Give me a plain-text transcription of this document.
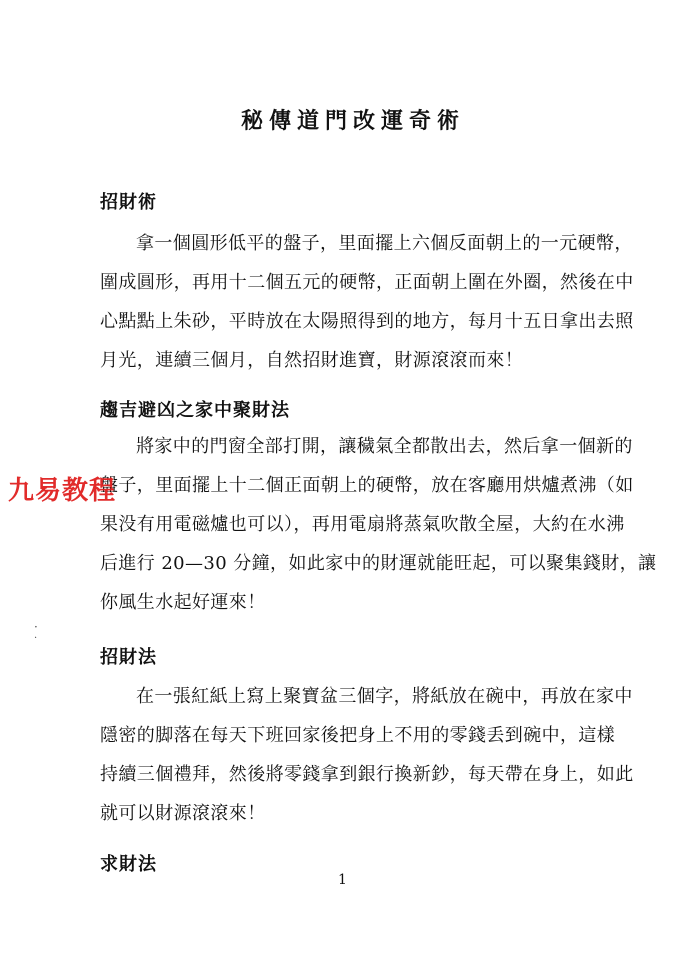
秘傳道門改運奇術
招財術
拿一個圓形低平的盤子，里面擺上六個反面朝上的一元硬幣，
圍成圓形，再用十二個五元的硬幣，正面朝上圍在外圈，然後在中
心點點上朱砂，平時放在太陽照得到的地方，每月十五日拿出去照
月光，連續三個月，自然招財進寶，財源滾滾而來！
趨吉避凶之家中聚財法
將家中的門窗全部打開，讓穢氣全都散出去，然后拿一個新的
盤子，里面擺上十二個正面朝上的硬幣，放在客廳用烘爐煮沸（如
果没有用電磁爐也可以），再用電扇將蒸氣吹散全屋，大約在水沸
后進行 20—30 分鐘，如此家中的財運就能旺起，可以聚集錢財，讓
你風生水起好運來！
招財法
在一張紅紙上寫上聚寶盆三個字，將紙放在碗中，再放在家中
隱密的脚落在每天下班回家後把身上不用的零錢丢到碗中，這樣
持續三個禮拜，然後將零錢拿到銀行換新鈔，每天帶在身上，如此
就可以財源滾滾來！
求財法
1
九易教程
·
·
